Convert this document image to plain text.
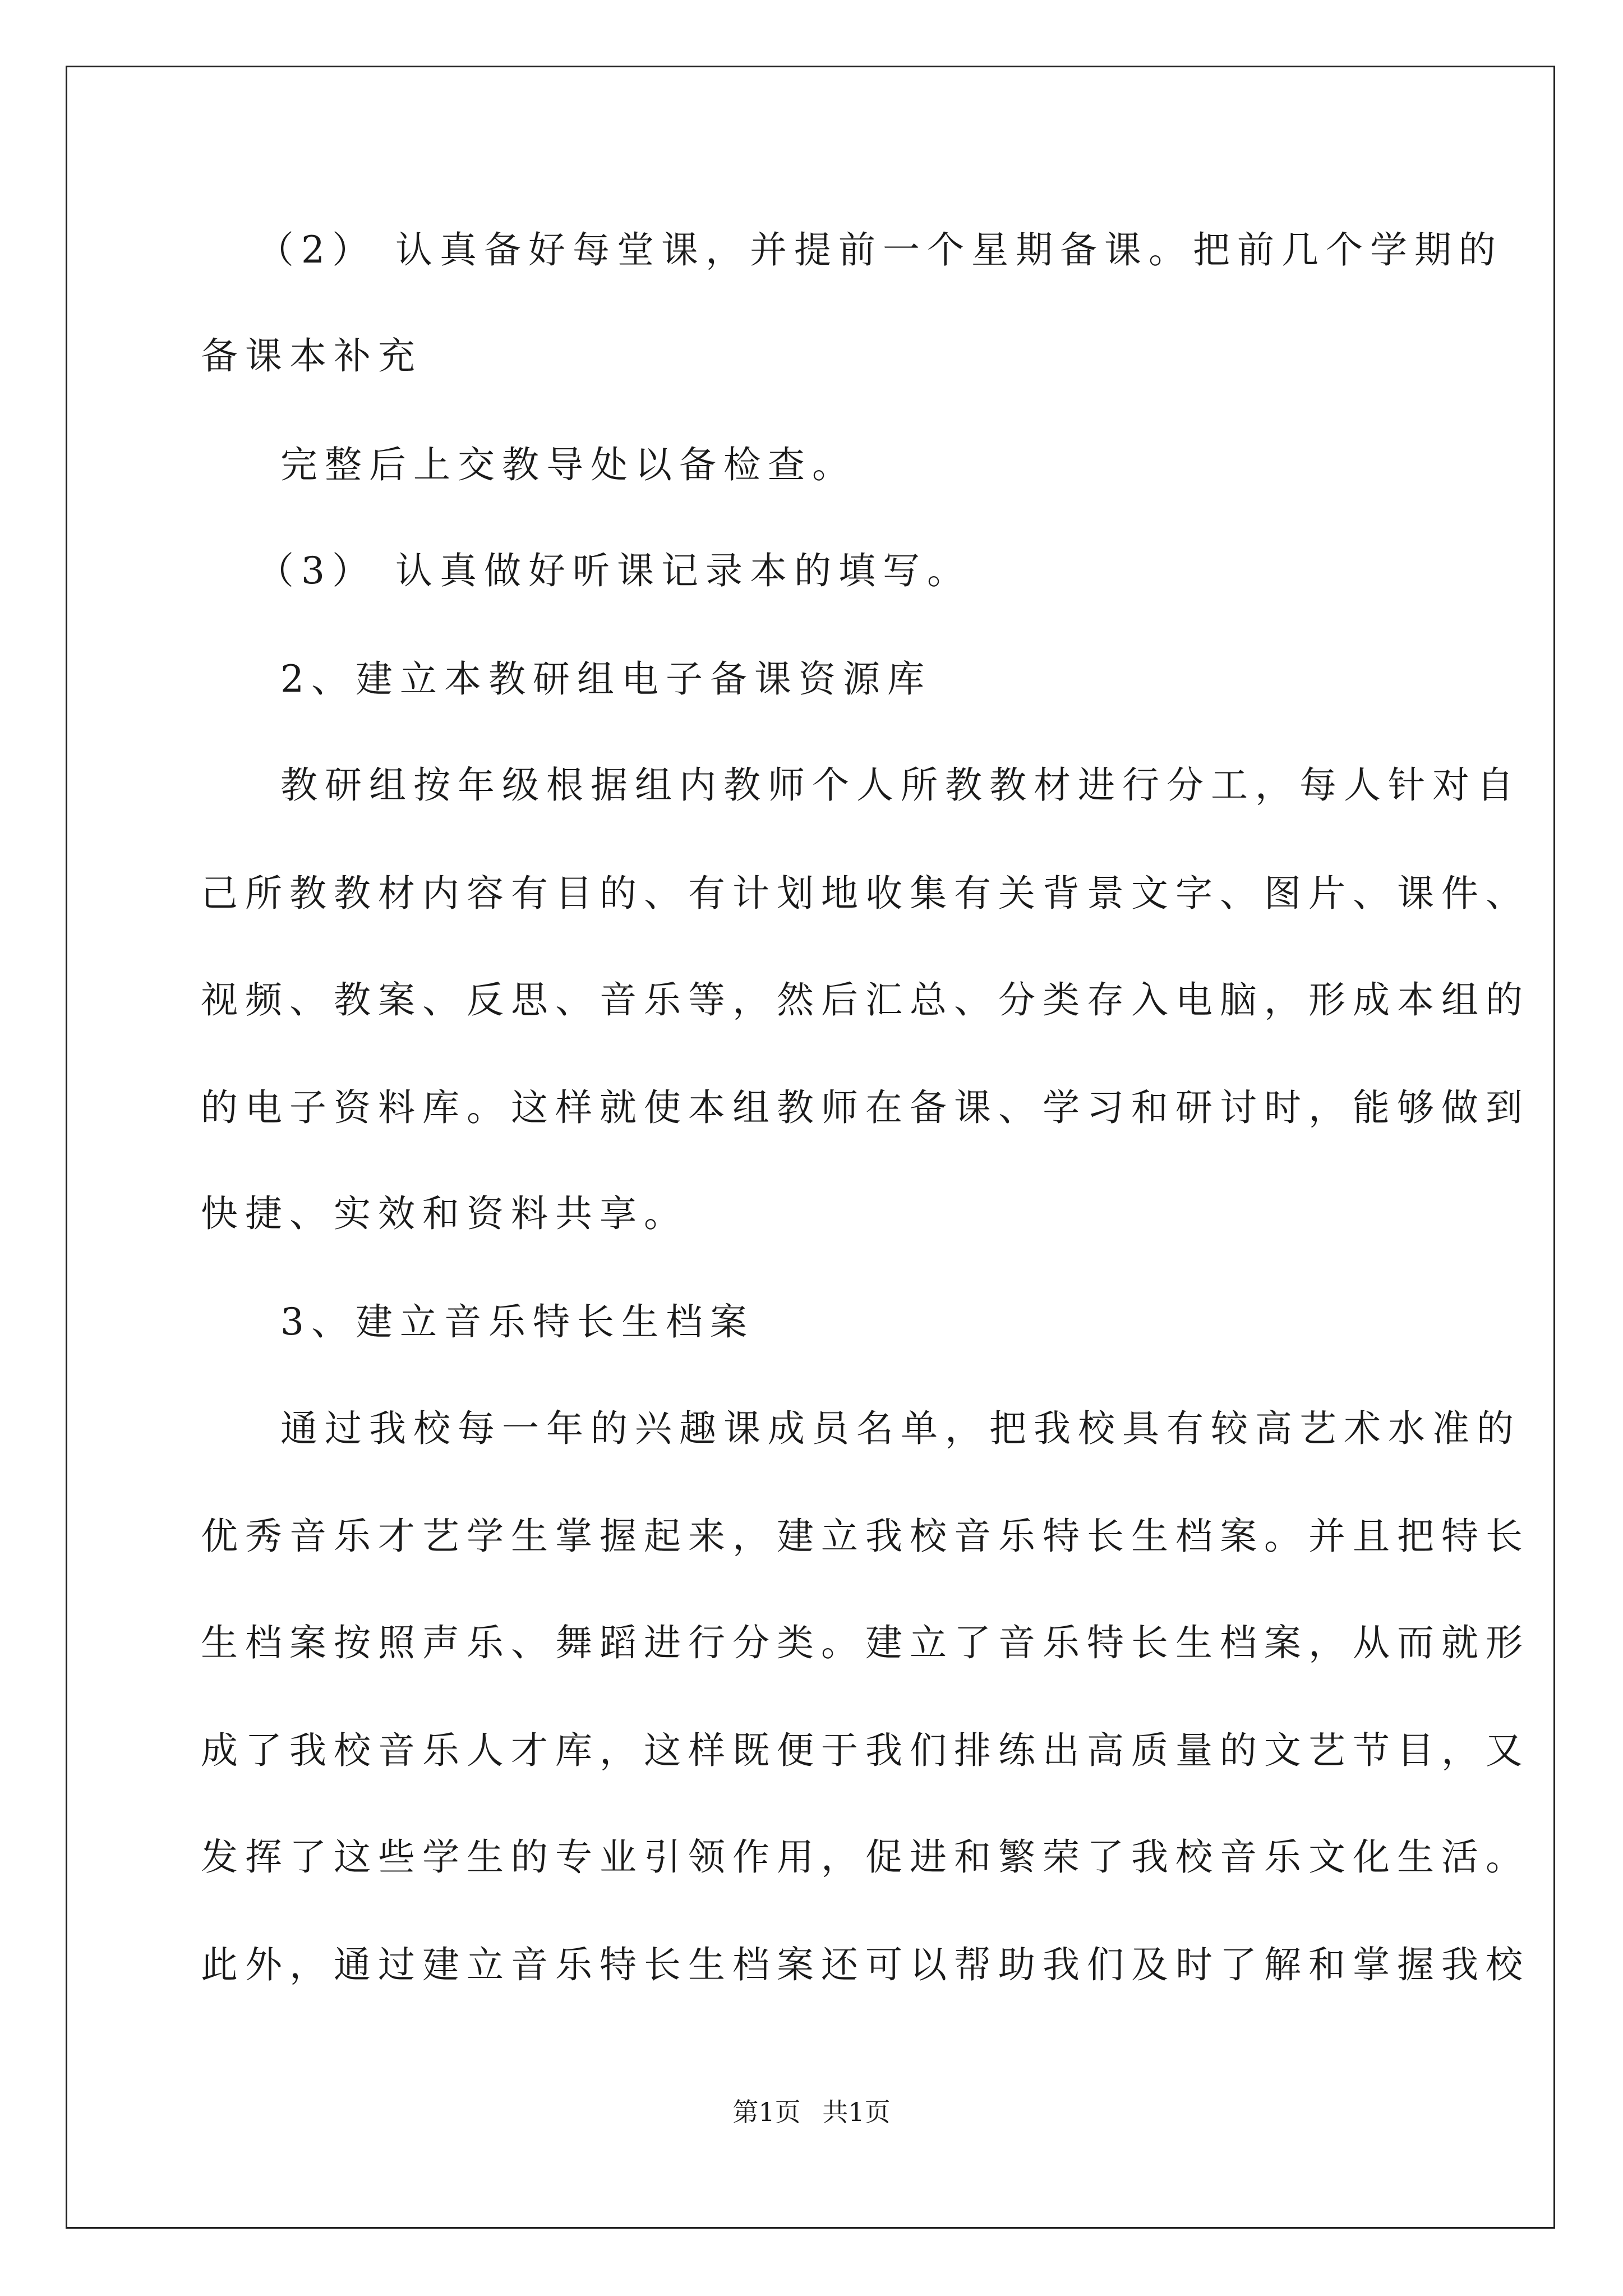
（2） 认真备好每堂课，并提前一个星期备课。把前几个学期的
备课本补充
完整后上交教导处以备检查。
（3） 认真做好听课记录本的填写。
2、建立本教研组电子备课资源库
教研组按年级根据组内教师个人所教教材进行分工，每人针对自
己所教教材内容有目的、有计划地收集有关背景文字、图片、课件、
视频、教案、反思、音乐等，然后汇总、分类存入电脑，形成本组的
的电子资料库。这样就使本组教师在备课、学习和研讨时，能够做到
快捷、实效和资料共享。
3、建立音乐特长生档案
通过我校每一年的兴趣课成员名单，把我校具有较高艺术水准的
优秀音乐才艺学生掌握起来，建立我校音乐特长生档案。并且把特长
生档案按照声乐、舞蹈进行分类。建立了音乐特长生档案，从而就形
成了我校音乐人才库，这样既便于我们排练出高质量的文艺节目，又
发挥了这些学生的专业引领作用，促进和繁荣了我校音乐文化生活。
此外，通过建立音乐特长生档案还可以帮助我们及时了解和掌握我校
第1页 共1页
